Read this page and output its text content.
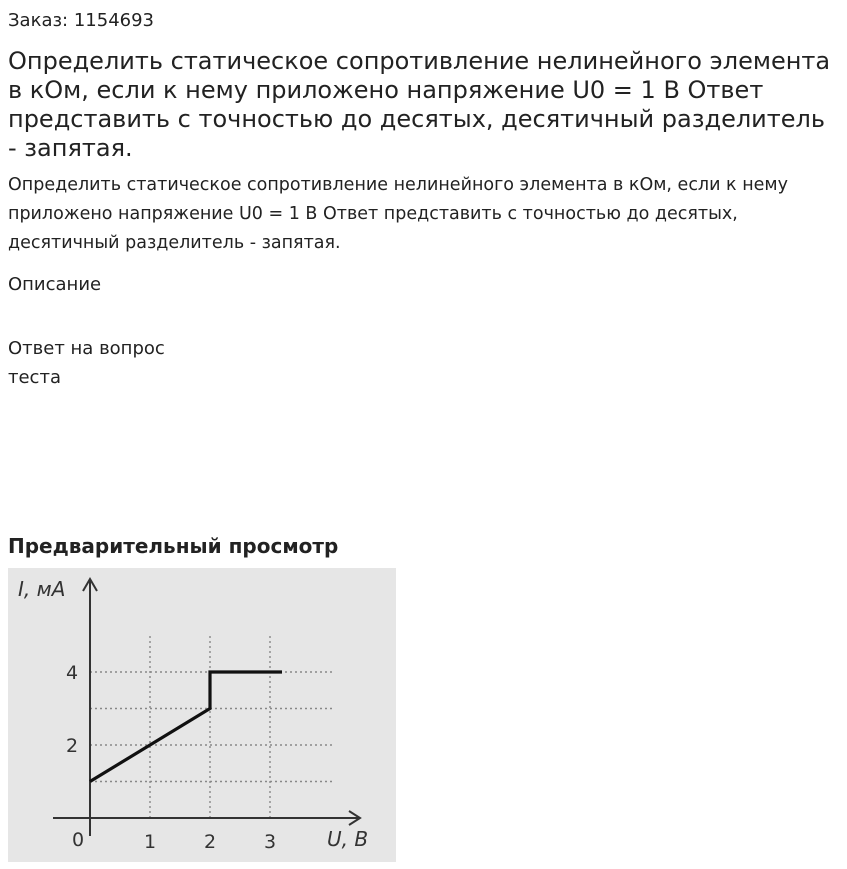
Заказ: 1154693
Определить статическое сопротивление нелинейного элемента в кОм, если к нему приложено напряжение U0 = 1 В Ответ представить с точностью до десятых, десятичный разделитель - запятая.
Определить статическое сопротивление нелинейного элемента в кОм, если к нему приложено напряжение U0 = 1 В Ответ представить с точностью до десятых, десятичный разделитель - запятая.
Описание
Ответ на вопрос теста
Предварительный просмотр
1	2	3
2
4
0
I, мА
U, В
